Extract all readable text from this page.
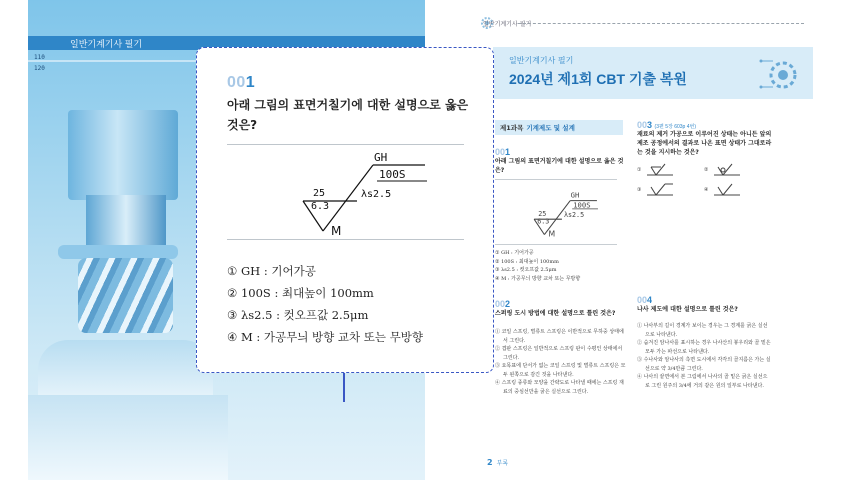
일반기계기사 필기
110
120
001
아래 그림의 표면거칠기에 대한 설명으로 옳은 것은?
GH
100S
λs2.5
25
6.3
M
① GH : 기어가공
② 100S : 최대높이 100mm
③ λs2.5 : 컷오프값 2.5μm
④ M : 가공무늬 방향 교차 또는 무방향
일반기계기사 필기
일반기계기사 필기
2024년 제1회 CBT 기출 복원
제1과목 기계제도 및 설계
001
아래 그림의 표면거칠기에 대한 설명으로 옳은 것은?
GH
100S
λs2.5
25
6.3
M
① GH : 기어가공
② 100S : 최대높이 100mm
③ λs2.5 : 컷오프값 2.5μm
④ M : 가공무늬 방향 교차 또는 무방향
002
스퍼링 도시 방법에 대한 설명으로 틀린 것은?
① 코일 스프링, 벌류트 스프링은 이반적으로 무하중 상태에서 그린다.
② 겹판 스프링은 일반적으로 스프링 판이 수평인 상태에서 그린다.
③ 요목표에 단서가 없는 코일 스프링 및 벌류트 스프링은 모두 왼쪽으로 감긴 것을 나타낸다.
④ 스프링 종류와 모양을 간략도로 나타낼 때에는 스프링 재료의 중심선만을 굵은 실선으로 그린다.
003 (3편 5장 603p 4번)
재료의 제거 가공으로 이루어진 상태는 아니든 앞의 제조 공정에서의 결과로 나온 표면 상태가 그대로라는 것을 지시하는 것은?
①	②
③	④
004
나사 제도에 대한 설명으로 틀린 것은?
① 나사부의 길이 경계가 보이는 경우는 그 경계를 굵은 실선으로 나타낸다.
② 숨겨진 암나사를 표시하는 경우 나사산의 봉우리와 골 밑은 모두 가는 파선으로 나타낸다.
③ 수나사와 암나사의 측면 도시에서 각각의 골지름은 가는 실선으로 약 3/4만큼 그린다.
④ 나사의 끝면에서 본 그림에서 나사의 골 밑은 굵은 실선으로 그린 원주의 3/4에 거의 같은 원의 일부로 나타낸다.
2 부록
